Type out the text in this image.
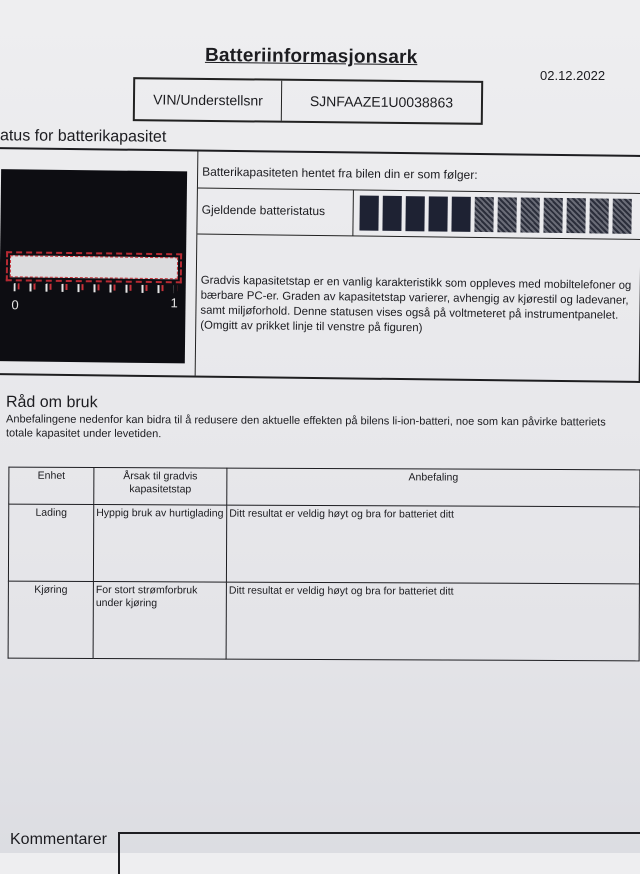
Batteriinformasjonsark
02.12.2022
VIN/Understellsnr	SJNFAAZE1U0038863
atus for batterikapasitet
0	1
Batterikapasiteten hentet fra bilen din er som følger:
Gjeldende batteristatus
Gradvis kapasitetstap er en vanlig karakteristikk som oppleves med mobiltelefoner og bærbare PC-er. Graden av kapasitetstap varierer, avhengig av kjørestil og ladevaner, samt miljøforhold. Denne statusen vises også på voltmeteret på instrumentpanelet. (Omgitt av prikket linje til venstre på figuren)
Råd om bruk
Anbefalingene nedenfor kan bidra til å redusere den aktuelle effekten på bilens li-ion-batteri, noe som kan påvirke batteriets totale kapasitet under levetiden.
Enhet	Årsak til gradvis kapasitetstap	Anbefaling
Lading	Hyppig bruk av hurtiglading	Ditt resultat er veldig høyt og bra for batteriet ditt
Kjøring	For stort strømforbruk under kjøring	Ditt resultat er veldig høyt og bra for batteriet ditt
Kommentarer
